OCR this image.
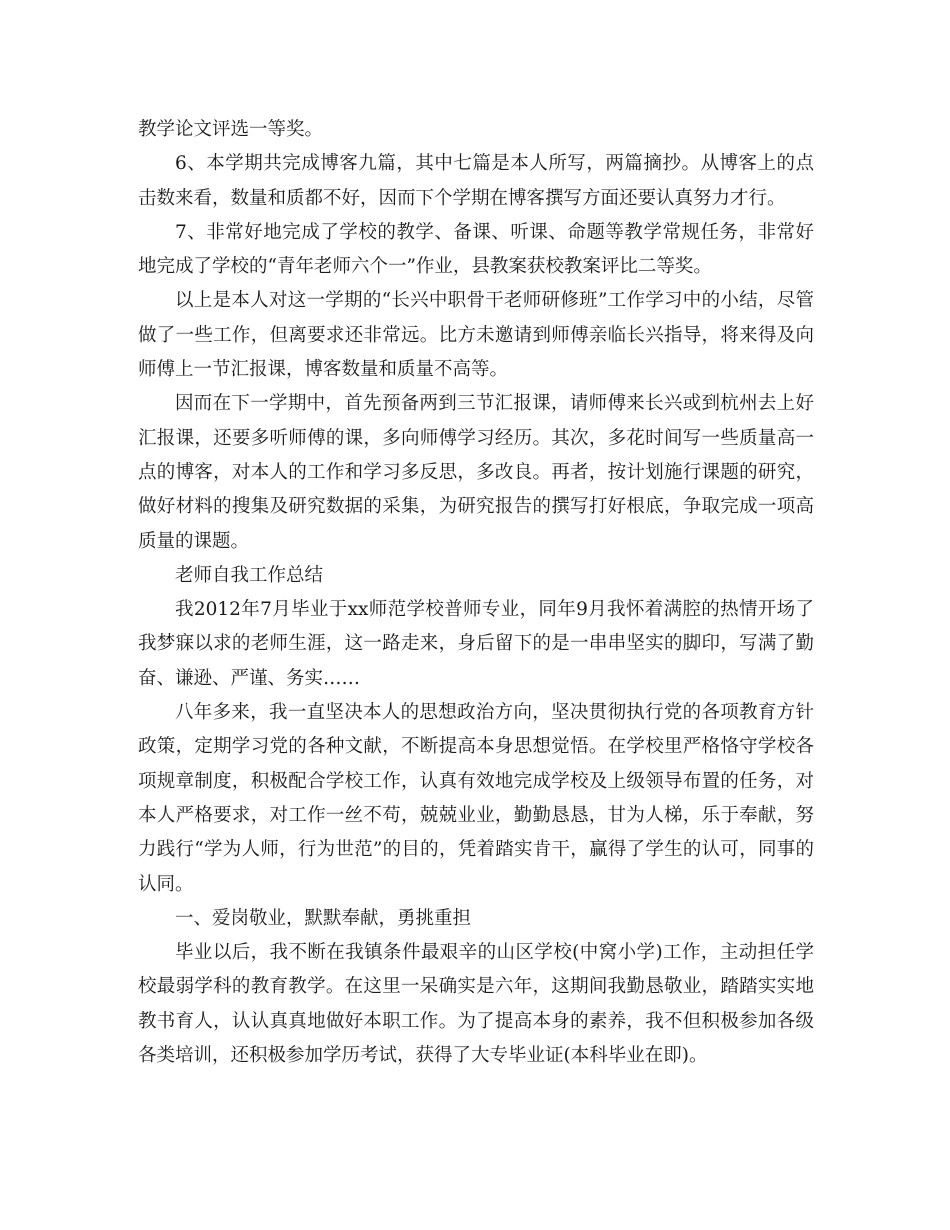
教学论文评选一等奖。

6、本学期共完成博客九篇，其中七篇是本人所写，两篇摘抄。从博客上的点击数来看，数量和质都不好，因而下个学期在博客撰写方面还要认真努力才行。

7、非常好地完成了学校的教学、备课、听课、命题等教学常规任务，非常好地完成了学校的“青年老师六个一”作业，县教案获校教案评比二等奖。

以上是本人对这一学期的“长兴中职骨干老师研修班”工作学习中的小结，尽管做了一些工作，但离要求还非常远。比方未邀请到师傅亲临长兴指导，将来得及向师傅上一节汇报课，博客数量和质量不高等。

因而在下一学期中，首先预备两到三节汇报课，请师傅来长兴或到杭州去上好汇报课，还要多听师傅的课，多向师傅学习经历。其次，多花时间写一些质量高一点的博客，对本人的工作和学习多反思，多改良。再者，按计划施行课题的研究，做好材料的搜集及研究数据的采集，为研究报告的撰写打好根底，争取完成一项高质量的课题。

老师自我工作总结

我2012年7月毕业于xx师范学校普师专业，同年9月我怀着满腔的热情开场了我梦寐以求的老师生涯，这一路走来，身后留下的是一串串坚实的脚印，写满了勤奋、谦逊、严谨、务实……

八年多来，我一直坚决本人的思想政治方向，坚决贯彻执行党的各项教育方针政策，定期学习党的各种文献，不断提高本身思想觉悟。在学校里严格恪守学校各项规章制度，积极配合学校工作，认真有效地完成学校及上级领导布置的任务，对本人严格要求，对工作一丝不苟，兢兢业业，勤勤恳恳，甘为人梯，乐于奉献，努力践行“学为人师，行为世范”的目的，凭着踏实肯干，赢得了学生的认可，同事的认同。

一、爱岗敬业，默默奉献，勇挑重担

毕业以后，我不断在我镇条件最艰辛的山区学校(中窝小学)工作，主动担任学校最弱学科的教育教学。在这里一呆确实是六年，这期间我勤恳敬业，踏踏实实地教书育人，认认真真地做好本职工作。为了提高本身的素养，我不但积极参加各级各类培训，还积极参加学历考试，获得了大专毕业证(本科毕业在即)。
